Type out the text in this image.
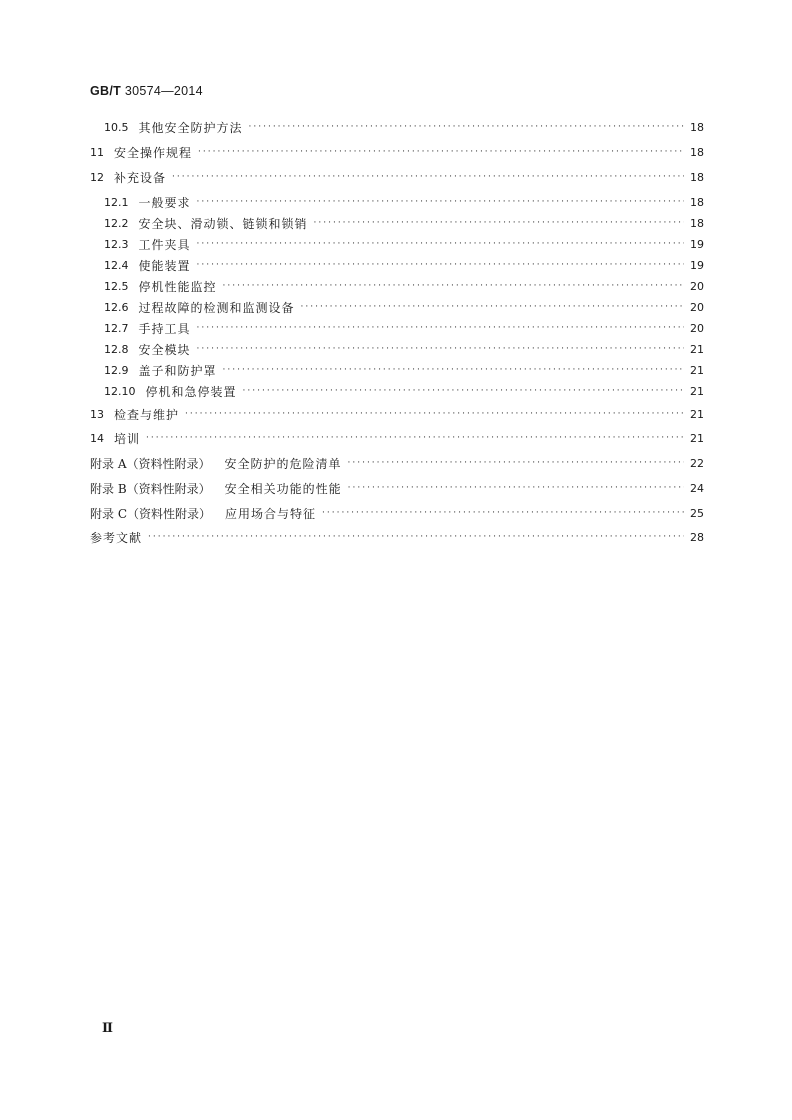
GB/T 30574—2014
10.5 其他安全防护方法 ·····	18
11 安全操作规程 ·····	18
12 补充设备 ·····	18
12.1 一般要求 ·····	18
12.2 安全块、滑动锁、链锁和锁销 ·····	18
12.3 工件夹具 ·····	19
12.4 使能装置 ·····	19
12.5 停机性能监控 ·····	20
12.6 过程故障的检测和监测设备 ·····	20
12.7 手持工具 ·····	20
12.8 安全模块 ·····	21
12.9 盖子和防护罩 ·····	21
12.10 停机和急停装置 ·····	21
13 检查与维护 ·····	21
14 培训 ·····	21
附录 A（资料性附录） 安全防护的危险清单 ·····	22
附录 B（资料性附录） 安全相关功能的性能 ·····	24
附录 C（资料性附录） 应用场合与特征 ·····	25
参考文献 ·····	28
Ⅱ
